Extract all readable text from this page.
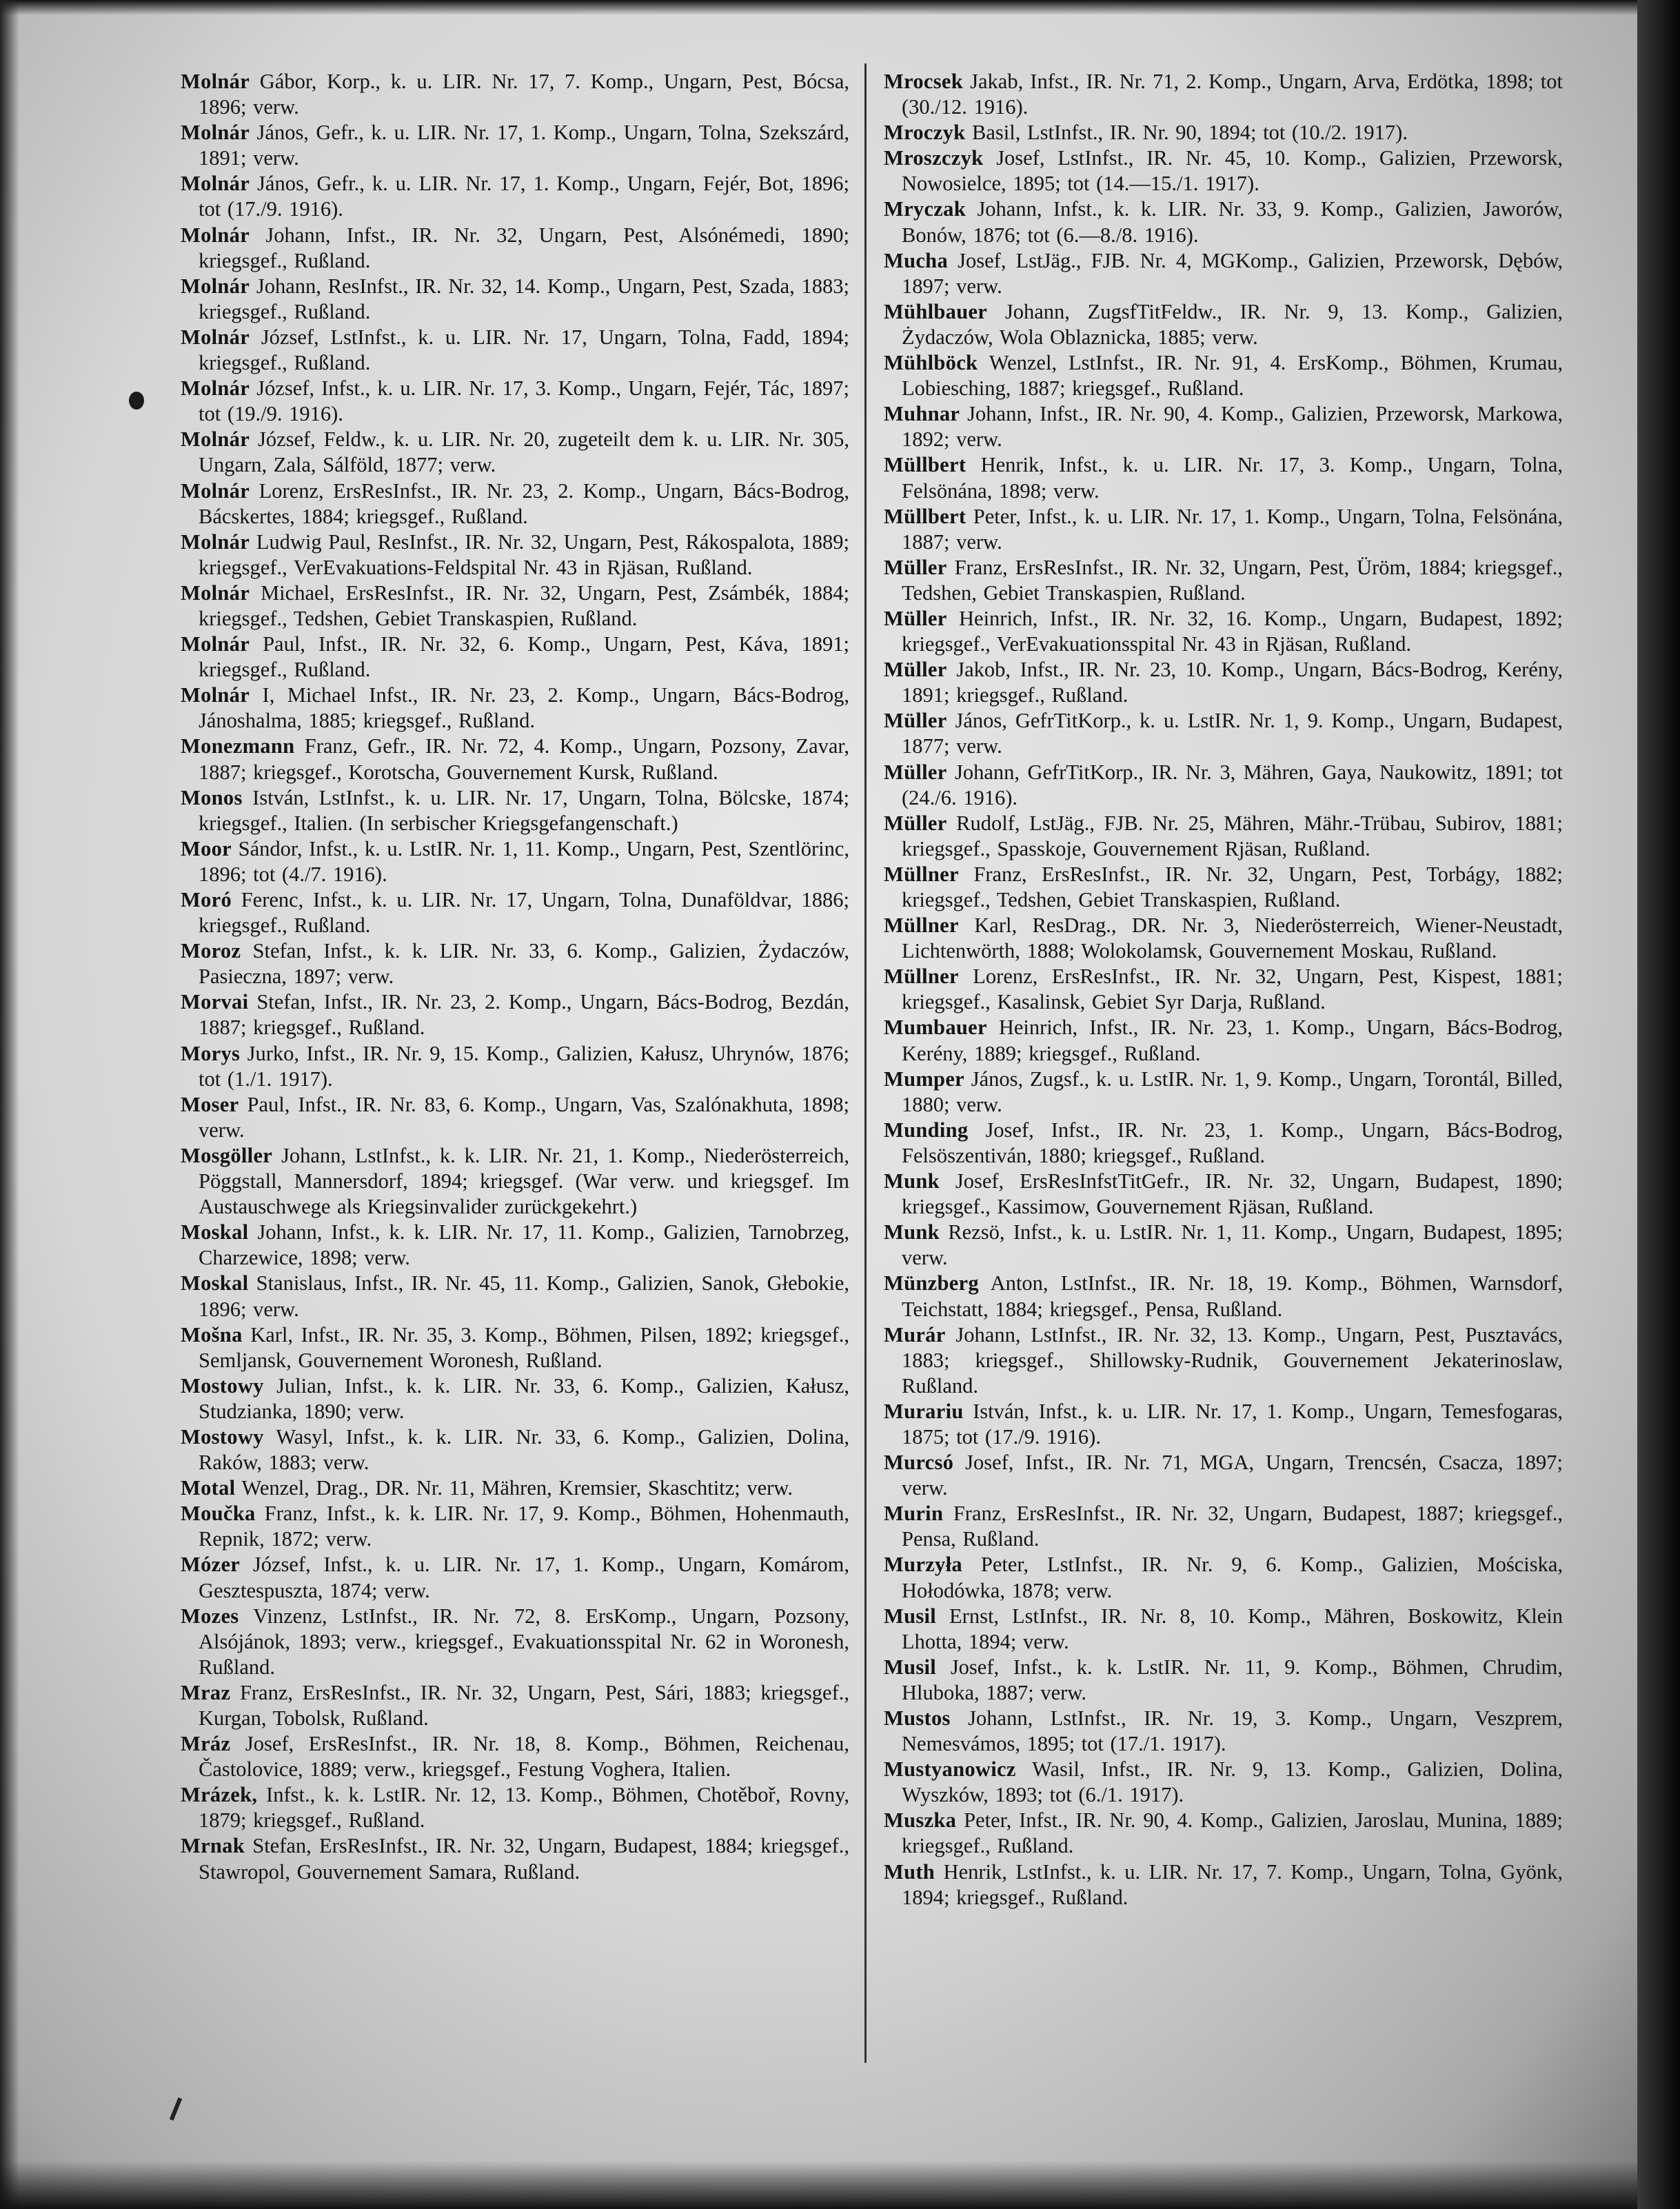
Molnár Gábor, Korp., k. u. LIR. Nr. 17, 7. Komp., Ungarn, Pest, Bócsa, 1896; verw.

Molnár János, Gefr., k. u. LIR. Nr. 17, 1. Komp., Ungarn, Tolna, Szekszárd, 1891; verw.

Molnár János, Gefr., k. u. LIR. Nr. 17, 1. Komp., Ungarn, Fejér, Bot, 1896; tot (17./9. 1916).

Molnár Johann, Infst., IR. Nr. 32, Ungarn, Pest, Alsónémedi, 1890; kriegsgef., Rußland.

Molnár Johann, ResInfst., IR. Nr. 32, 14. Komp., Ungarn, Pest, Szada, 1883; kriegsgef., Rußland.

Molnár József, LstInfst., k. u. LIR. Nr. 17, Ungarn, Tolna, Fadd, 1894; kriegsgef., Rußland.

Molnár József, Infst., k. u. LIR. Nr. 17, 3. Komp., Ungarn, Fejér, Tác, 1897; tot (19./9. 1916).

Molnár József, Feldw., k. u. LIR. Nr. 20, zugeteilt dem k. u. LIR. Nr. 305, Ungarn, Zala, Sálföld, 1877; verw.

Molnár Lorenz, ErsResInfst., IR. Nr. 23, 2. Komp., Ungarn, Bács-Bodrog, Bácskertes, 1884; kriegsgef., Rußland.

Molnár Ludwig Paul, ResInfst., IR. Nr. 32, Ungarn, Pest, Rákospalota, 1889; kriegsgef., VerEvakuations-Feldspital Nr. 43 in Rjäsan, Rußland.

Molnár Michael, ErsResInfst., IR. Nr. 32, Ungarn, Pest, Zsámbék, 1884; kriegsgef., Tedshen, Gebiet Transkaspien, Rußland.

Molnár Paul, Infst., IR. Nr. 32, 6. Komp., Ungarn, Pest, Káva, 1891; kriegsgef., Rußland.

Molnár I, Michael Infst., IR. Nr. 23, 2. Komp., Ungarn, Bács-Bodrog, Jánoshalma, 1885; kriegsgef., Rußland.

Monezmann Franz, Gefr., IR. Nr. 72, 4. Komp., Ungarn, Pozsony, Zavar, 1887; kriegsgef., Korotscha, Gouvernement Kursk, Rußland.

Monos István, LstInfst., k. u. LIR. Nr. 17, Ungarn, Tolna, Bölcske, 1874; kriegsgef., Italien. (In serbischer Kriegsgefangenschaft.)

Moor Sándor, Infst., k. u. LstIR. Nr. 1, 11. Komp., Ungarn, Pest, Szentlörinc, 1896; tot (4./7. 1916).

Moró Ferenc, Infst., k. u. LIR. Nr. 17, Ungarn, Tolna, Dunaföldvar, 1886; kriegsgef., Rußland.

Moroz Stefan, Infst., k. k. LIR. Nr. 33, 6. Komp., Galizien, Żydaczów, Pasieczna, 1897; verw.

Morvai Stefan, Infst., IR. Nr. 23, 2. Komp., Ungarn, Bács-Bodrog, Bezdán, 1887; kriegsgef., Rußland.

Morys Jurko, Infst., IR. Nr. 9, 15. Komp., Galizien, Kałusz, Uhrynów, 1876; tot (1./1. 1917).

Moser Paul, Infst., IR. Nr. 83, 6. Komp., Ungarn, Vas, Szalónakhuta, 1898; verw.

Mosgöller Johann, LstInfst., k. k. LIR. Nr. 21, 1. Komp., Niederösterreich, Pöggstall, Mannersdorf, 1894; kriegsgef. (War verw. und kriegsgef. Im Austauschwege als Kriegsinvalider zurückgekehrt.)

Moskal Johann, Infst., k. k. LIR. Nr. 17, 11. Komp., Galizien, Tarnobrzeg, Charzewice, 1898; verw.

Moskal Stanislaus, Infst., IR. Nr. 45, 11. Komp., Galizien, Sanok, Głebokie, 1896; verw.

Mošna Karl, Infst., IR. Nr. 35, 3. Komp., Böhmen, Pilsen, 1892; kriegsgef., Semljansk, Gouvernement Woronesh, Rußland.

Mostowy Julian, Infst., k. k. LIR. Nr. 33, 6. Komp., Galizien, Kałusz, Studzianka, 1890; verw.

Mostowy Wasyl, Infst., k. k. LIR. Nr. 33, 6. Komp., Galizien, Dolina, Raków, 1883; verw.

Motal Wenzel, Drag., DR. Nr. 11, Mähren, Kremsier, Skaschtitz; verw.

Moučka Franz, Infst., k. k. LIR. Nr. 17, 9. Komp., Böhmen, Hohenmauth, Repnik, 1872; verw.

Mózer József, Infst., k. u. LIR. Nr. 17, 1. Komp., Ungarn, Komárom, Gesztespuszta, 1874; verw.

Mozes Vinzenz, LstInfst., IR. Nr. 72, 8. ErsKomp., Ungarn, Pozsony, Alsójánok, 1893; verw., kriegsgef., Evakuationsspital Nr. 62 in Woronesh, Rußland.

Mraz Franz, ErsResInfst., IR. Nr. 32, Ungarn, Pest, Sári, 1883; kriegsgef., Kurgan, Tobolsk, Rußland.

Mráz Josef, ErsResInfst., IR. Nr. 18, 8. Komp., Böhmen, Reichenau, Častolovice, 1889; verw., kriegsgef., Festung Voghera, Italien.

Mrázek, Infst., k. k. LstIR. Nr. 12, 13. Komp., Böhmen, Chotěboř, Rovny, 1879; kriegsgef., Rußland.

Mrnak Stefan, ErsResInfst., IR. Nr. 32, Ungarn, Budapest, 1884; kriegsgef., Stawropol, Gouvernement Samara, Rußland.

Mrocsek Jakab, Infst., IR. Nr. 71, 2. Komp., Ungarn, Arva, Erdötka, 1898; tot (30./12. 1916).

Mroczyk Basil, LstInfst., IR. Nr. 90, 1894; tot (10./2. 1917).

Mroszczyk Josef, LstInfst., IR. Nr. 45, 10. Komp., Galizien, Przeworsk, Nowosielce, 1895; tot (14.—15./1. 1917).

Mryczak Johann, Infst., k. k. LIR. Nr. 33, 9. Komp., Galizien, Jaworów, Bonów, 1876; tot (6.—8./8. 1916).

Mucha Josef, LstJäg., FJB. Nr. 4, MGKomp., Galizien, Przeworsk, Dębów, 1897; verw.

Mühlbauer Johann, ZugsfTitFeldw., IR. Nr. 9, 13. Komp., Galizien, Żydaczów, Wola Oblaznicka, 1885; verw.

Mühlböck Wenzel, LstInfst., IR. Nr. 91, 4. ErsKomp., Böhmen, Krumau, Lobiesching, 1887; kriegsgef., Rußland.

Muhnar Johann, Infst., IR. Nr. 90, 4. Komp., Galizien, Przeworsk, Markowa, 1892; verw.

Müllbert Henrik, Infst., k. u. LIR. Nr. 17, 3. Komp., Ungarn, Tolna, Felsönána, 1898; verw.

Müllbert Peter, Infst., k. u. LIR. Nr. 17, 1. Komp., Ungarn, Tolna, Felsönána, 1887; verw.

Müller Franz, ErsResInfst., IR. Nr. 32, Ungarn, Pest, Üröm, 1884; kriegsgef., Tedshen, Gebiet Transkaspien, Rußland.

Müller Heinrich, Infst., IR. Nr. 32, 16. Komp., Ungarn, Budapest, 1892; kriegsgef., VerEvakuationsspital Nr. 43 in Rjäsan, Rußland.

Müller Jakob, Infst., IR. Nr. 23, 10. Komp., Ungarn, Bács-Bodrog, Kerény, 1891; kriegsgef., Rußland.

Müller János, GefrTitKorp., k. u. LstIR. Nr. 1, 9. Komp., Ungarn, Budapest, 1877; verw.

Müller Johann, GefrTitKorp., IR. Nr. 3, Mähren, Gaya, Naukowitz, 1891; tot (24./6. 1916).

Müller Rudolf, LstJäg., FJB. Nr. 25, Mähren, Mähr.-Trübau, Subirov, 1881; kriegsgef., Spasskoje, Gouvernement Rjäsan, Rußland.

Müllner Franz, ErsResInfst., IR. Nr. 32, Ungarn, Pest, Torbágy, 1882; kriegsgef., Tedshen, Gebiet Transkaspien, Rußland.

Müllner Karl, ResDrag., DR. Nr. 3, Niederösterreich, Wiener-Neustadt, Lichtenwörth, 1888; Wolokolamsk, Gouvernement Moskau, Rußland.

Müllner Lorenz, ErsResInfst., IR. Nr. 32, Ungarn, Pest, Kispest, 1881; kriegsgef., Kasalinsk, Gebiet Syr Darja, Rußland.

Mumbauer Heinrich, Infst., IR. Nr. 23, 1. Komp., Ungarn, Bács-Bodrog, Kerény, 1889; kriegsgef., Rußland.

Mumper János, Zugsf., k. u. LstIR. Nr. 1, 9. Komp., Ungarn, Torontál, Billed, 1880; verw.

Munding Josef, Infst., IR. Nr. 23, 1. Komp., Ungarn, Bács-Bodrog, Felsöszentiván, 1880; kriegsgef., Rußland.

Munk Josef, ErsResInfstTitGefr., IR. Nr. 32, Ungarn, Budapest, 1890; kriegsgef., Kassimow, Gouvernement Rjäsan, Rußland.

Munk Rezsö, Infst., k. u. LstIR. Nr. 1, 11. Komp., Ungarn, Budapest, 1895; verw.

Münzberg Anton, LstInfst., IR. Nr. 18, 19. Komp., Böhmen, Warnsdorf, Teichstatt, 1884; kriegsgef., Pensa, Rußland.

Murár Johann, LstInfst., IR. Nr. 32, 13. Komp., Ungarn, Pest, Pusztavács, 1883; kriegsgef., Shillowsky-Rudnik, Gouvernement Jekaterinoslaw, Rußland.

Murariu István, Infst., k. u. LIR. Nr. 17, 1. Komp., Ungarn, Temesfogaras, 1875; tot (17./9. 1916).

Murcsó Josef, Infst., IR. Nr. 71, MGA, Ungarn, Trencsén, Csacza, 1897; verw.

Murin Franz, ErsResInfst., IR. Nr. 32, Ungarn, Budapest, 1887; kriegsgef., Pensa, Rußland.

Murzyła Peter, LstInfst., IR. Nr. 9, 6. Komp., Galizien, Mościska, Hołodówka, 1878; verw.

Musil Ernst, LstInfst., IR. Nr. 8, 10. Komp., Mähren, Boskowitz, Klein Lhotta, 1894; verw.

Musil Josef, Infst., k. k. LstIR. Nr. 11, 9. Komp., Böhmen, Chrudim, Hluboka, 1887; verw.

Mustos Johann, LstInfst., IR. Nr. 19, 3. Komp., Ungarn, Veszprem, Nemesvámos, 1895; tot (17./1. 1917).

Mustyanowicz Wasil, Infst., IR. Nr. 9, 13. Komp., Galizien, Dolina, Wyszków, 1893; tot (6./1. 1917).

Muszka Peter, Infst., IR. Nr. 90, 4. Komp., Galizien, Jaroslau, Munina, 1889; kriegsgef., Rußland.

Muth Henrik, LstInfst., k. u. LIR. Nr. 17, 7. Komp., Ungarn, Tolna, Gyönk, 1894; kriegsgef., Rußland.
